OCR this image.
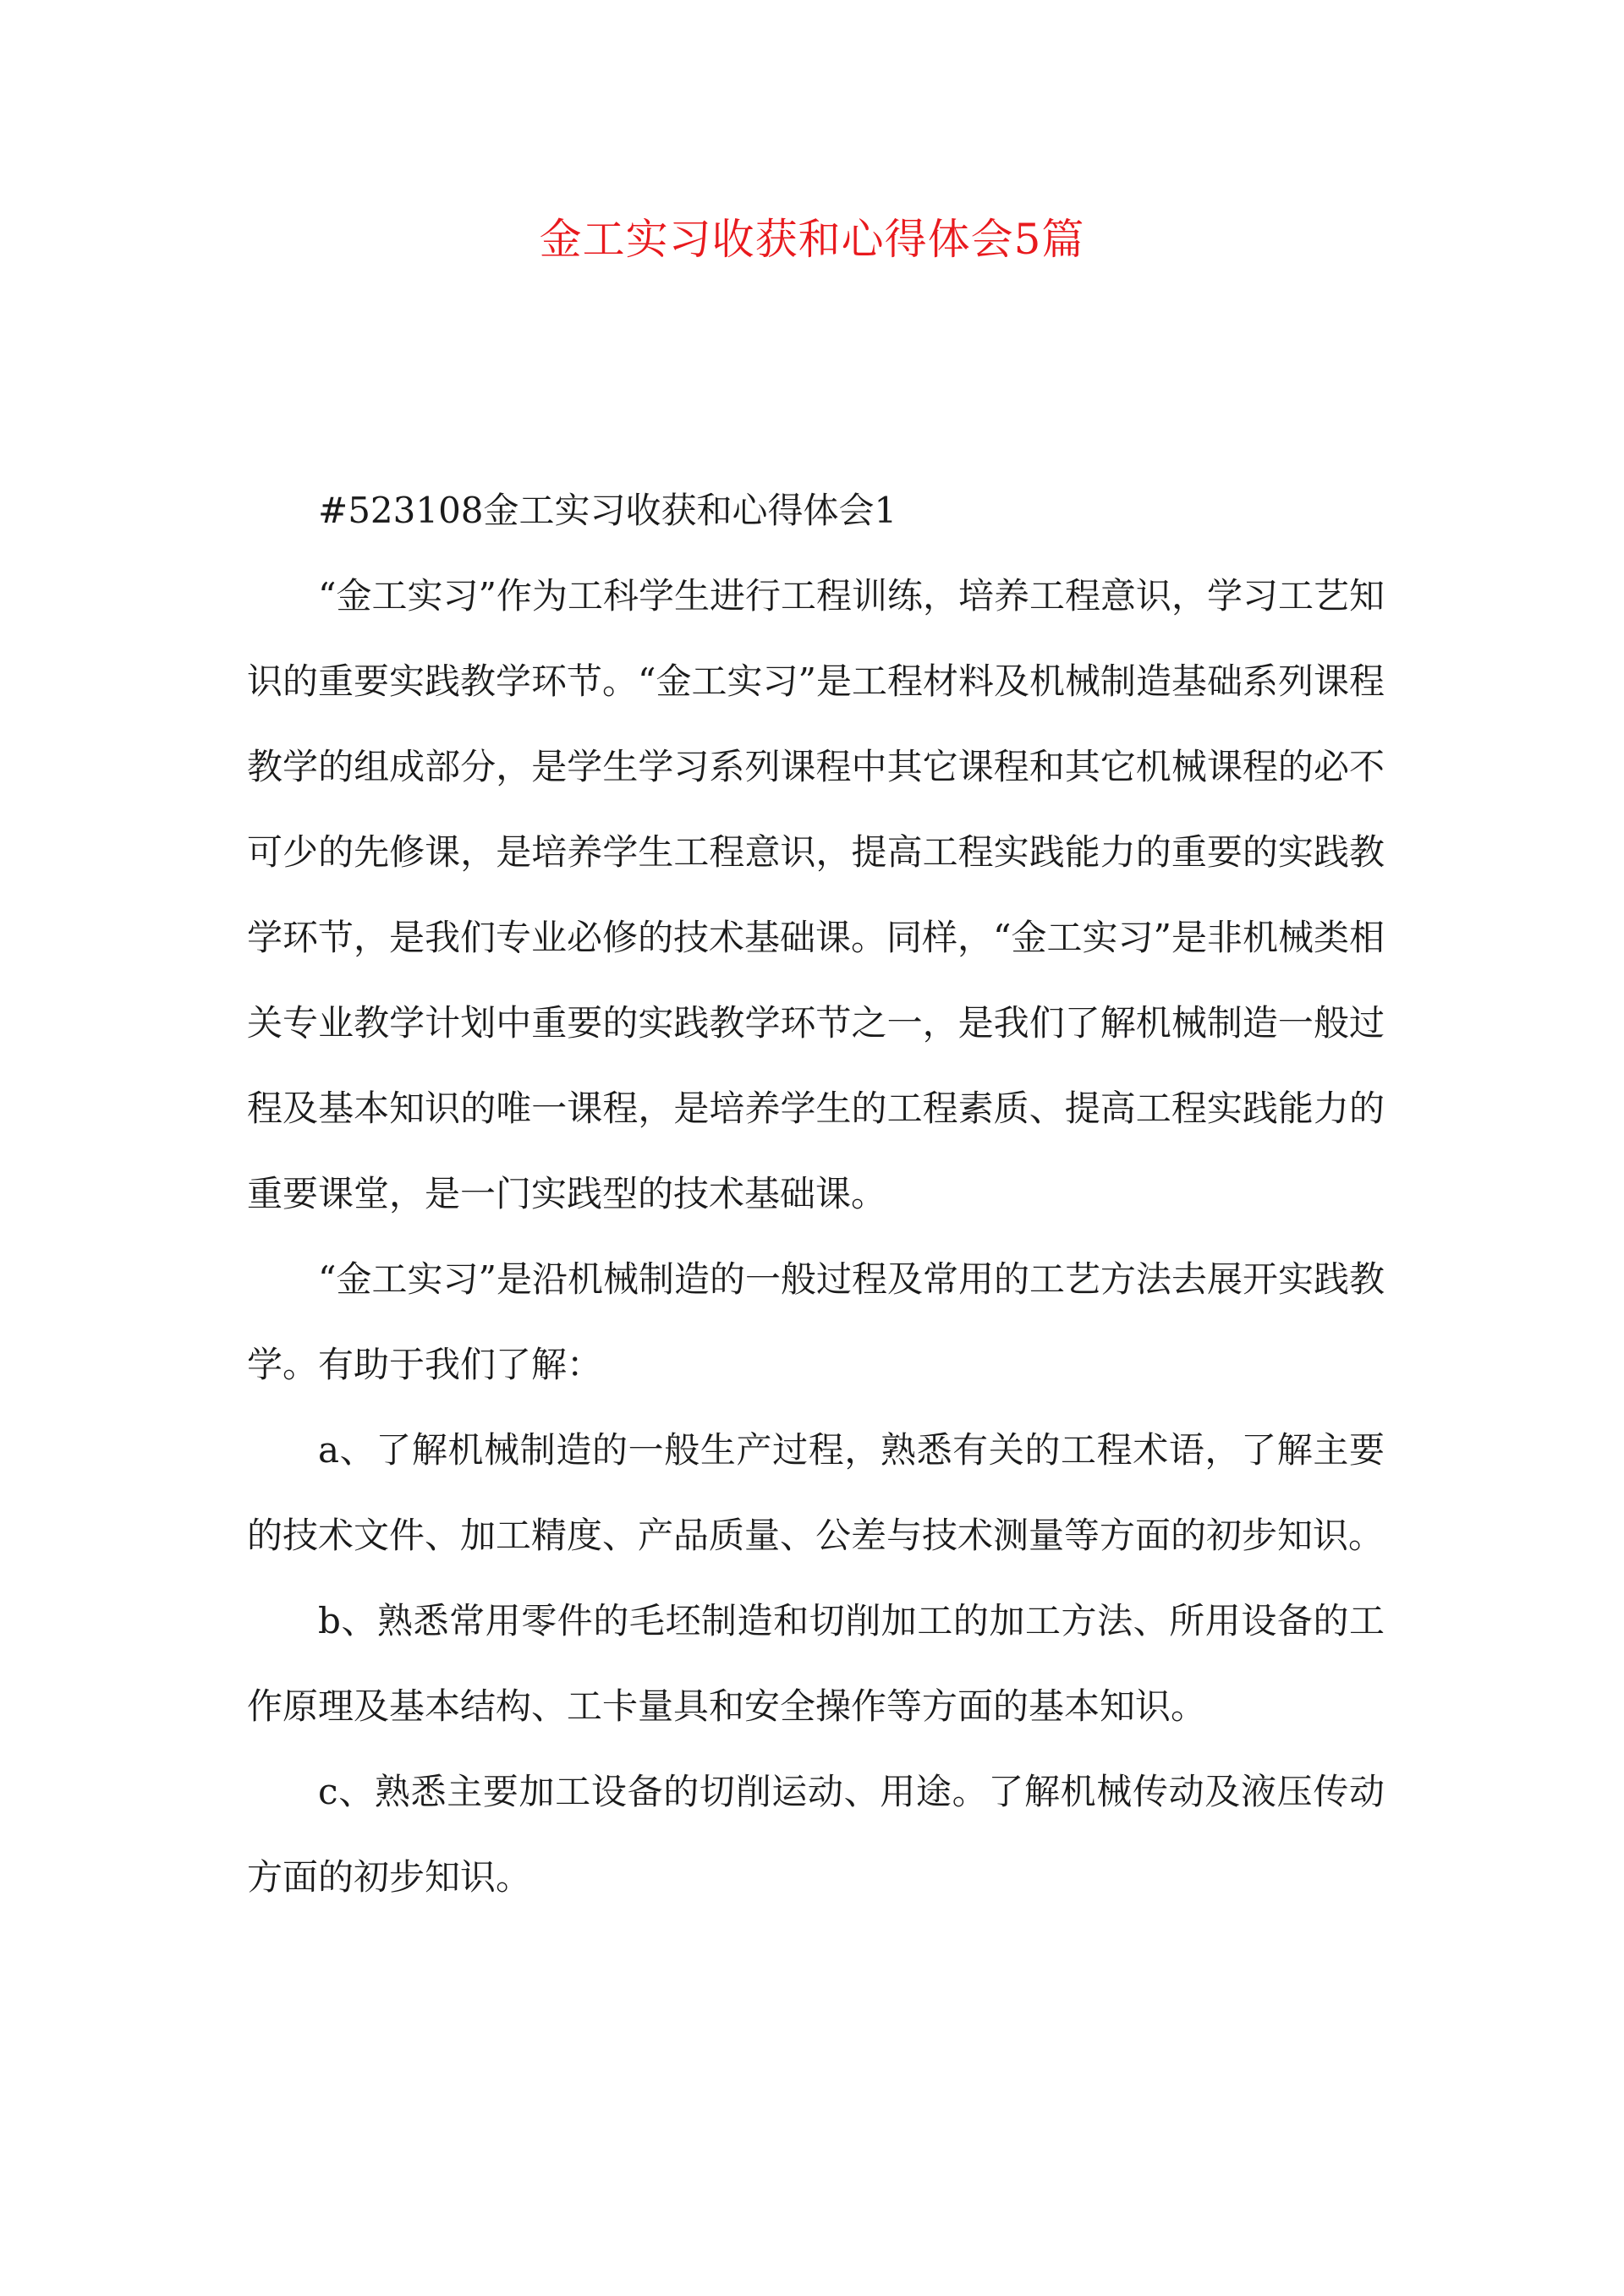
金工实习收获和心得体会5篇

#523108金工实习收获和心得体会1

“金工实习”作为工科学生进行工程训练，培养工程意识，学习工艺知识的重要实践教学环节。“金工实习”是工程材料及机械制造基础系列课程教学的组成部分，是学生学习系列课程中其它课程和其它机械课程的必不可少的先修课，是培养学生工程意识，提高工程实践能力的重要的实践教学环节，是我们专业必修的技术基础课。同样，“金工实习”是非机械类相关专业教学计划中重要的实践教学环节之一，是我们了解机械制造一般过程及基本知识的唯一课程，是培养学生的工程素质、提高工程实践能力的重要课堂，是一门实践型的技术基础课。

“金工实习”是沿机械制造的一般过程及常用的工艺方法去展开实践教学。有助于我们了解：

a、了解机械制造的一般生产过程，熟悉有关的工程术语，了解主要的技术文件、加工精度、产品质量、公差与技术测量等方面的初步知识。

b、熟悉常用零件的毛坯制造和切削加工的加工方法、所用设备的工作原理及基本结构、工卡量具和安全操作等方面的基本知识。

c、熟悉主要加工设备的切削运动、用途。了解机械传动及液压传动方面的初步知识。
